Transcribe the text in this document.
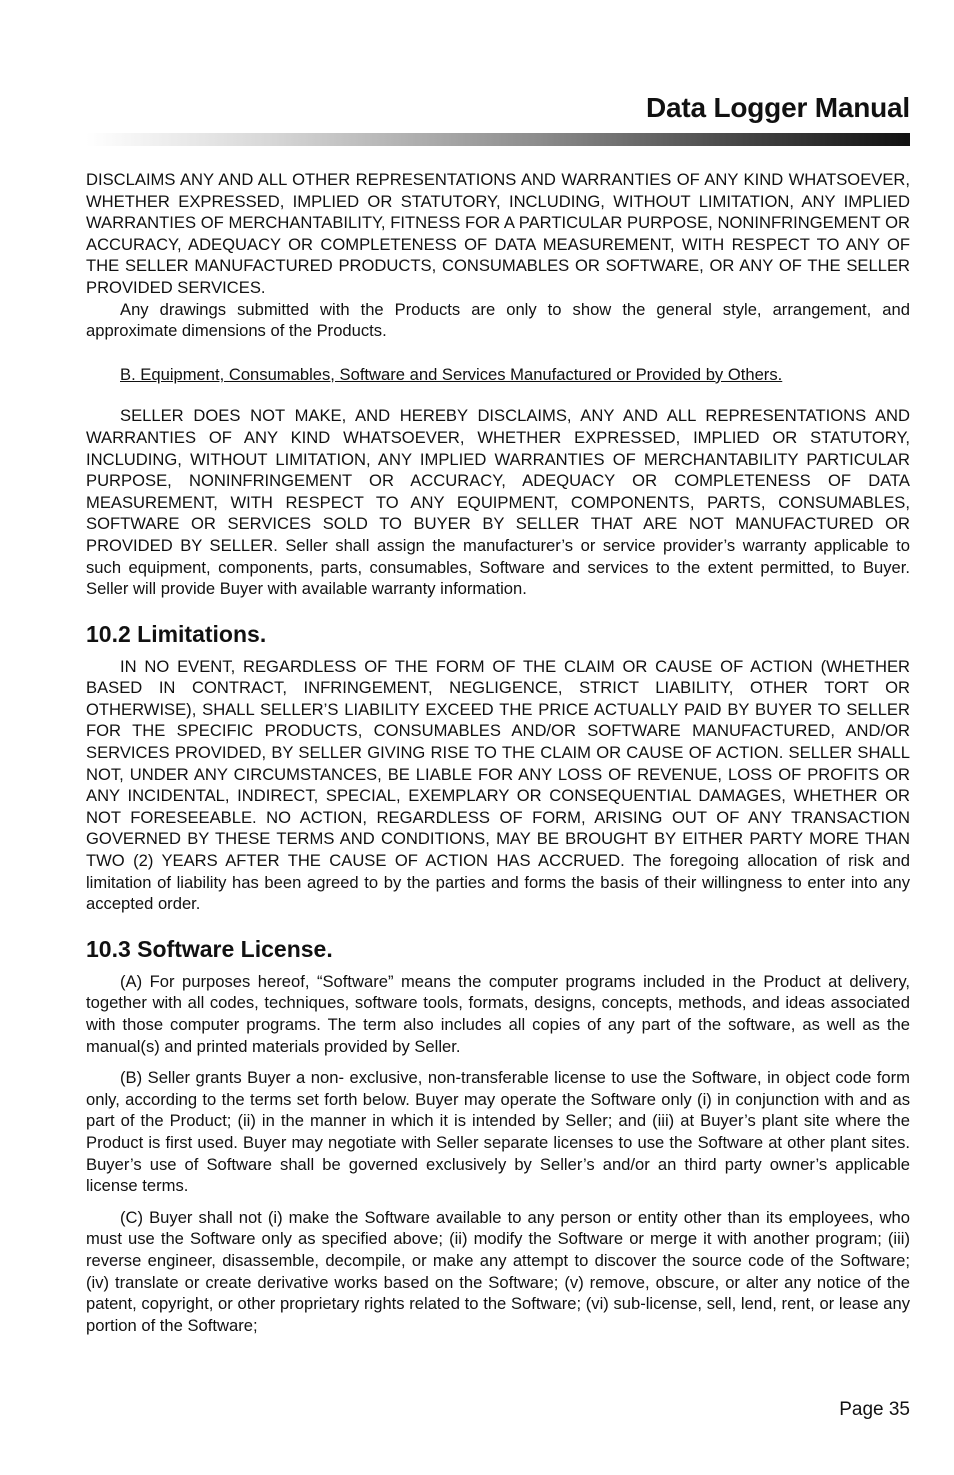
Data Logger Manual

DISCLAIMS ANY AND ALL OTHER REPRESENTATIONS AND WARRANTIES OF ANY KIND WHATSOEVER, WHETHER EXPRESSED, IMPLIED OR STATUTORY, INCLUDING, WITHOUT LIMITATION, ANY IMPLIED WARRANTIES OF MERCHANTABILITY, FITNESS FOR A PARTICULAR PURPOSE, NONINFRINGEMENT OR ACCURACY, ADEQUACY OR COMPLETENESS OF DATA MEASUREMENT, WITH RESPECT TO ANY OF THE SELLER MANUFACTURED PRODUCTS, CONSUMABLES OR SOFTWARE, OR ANY OF THE SELLER PROVIDED SERVICES.

Any drawings submitted with the Products are only to show the general style, arrangement, and approximate dimensions of the Products.

B. Equipment, Consumables, Software and Services Manufactured or Provided by Others.

SELLER DOES NOT MAKE, AND HEREBY DISCLAIMS, ANY AND ALL REPRESENTATIONS AND WARRANTIES OF ANY KIND WHATSOEVER, WHETHER EXPRESSED, IMPLIED OR STATUTORY, INCLUDING, WITHOUT LIMITATION, ANY IMPLIED WARRANTIES OF MERCHANTABILITY PARTICULAR PURPOSE, NONINFRINGEMENT OR ACCURACY, ADEQUACY OR COMPLETENESS OF DATA MEASUREMENT, WITH RESPECT TO ANY EQUIPMENT, COMPONENTS, PARTS, CONSUMABLES, SOFTWARE OR SERVICES SOLD TO BUYER BY SELLER THAT ARE NOT MANUFACTURED OR PROVIDED BY SELLER. Seller shall assign the manufacturer’s or service provider’s warranty applicable to such equipment, components, parts, consumables, Software and services to the extent permitted, to Buyer. Seller will provide Buyer with available warranty information.

10.2 Limitations.

IN NO EVENT, REGARDLESS OF THE FORM OF THE CLAIM OR CAUSE OF ACTION (WHETHER BASED IN CONTRACT, INFRINGEMENT, NEGLIGENCE, STRICT LIABILITY, OTHER TORT OR OTHERWISE), SHALL SELLER’S LIABILITY EXCEED THE PRICE ACTUALLY PAID BY BUYER TO SELLER FOR THE SPECIFIC PRODUCTS, CONSUMABLES AND/OR SOFTWARE MANUFACTURED, AND/OR SERVICES PROVIDED, BY SELLER GIVING RISE TO THE CLAIM OR CAUSE OF ACTION. SELLER SHALL NOT, UNDER ANY CIRCUMSTANCES, BE LIABLE FOR ANY LOSS OF REVENUE, LOSS OF PROFITS OR ANY INCIDENTAL, INDIRECT, SPECIAL, EXEMPLARY OR CONSEQUENTIAL DAMAGES, WHETHER OR NOT FORESEEABLE. NO ACTION, REGARDLESS OF FORM, ARISING OUT OF ANY TRANSACTION GOVERNED BY THESE TERMS AND CONDITIONS, MAY BE BROUGHT BY EITHER PARTY MORE THAN TWO (2) YEARS AFTER THE CAUSE OF ACTION HAS ACCRUED. The foregoing allocation of risk and limitation of liability has been agreed to by the parties and forms the basis of their willingness to enter into any accepted order.

10.3 Software License.

(A) For purposes hereof, “Software” means the computer programs included in the Product at delivery, together with all codes, techniques, software tools, formats, designs, concepts, methods, and ideas associated with those computer programs. The term also includes all copies of any part of the software, as well as the manual(s) and printed materials provided by Seller.

(B) Seller grants Buyer a non- exclusive, non-transferable license to use the Software, in object code form only, according to the terms set forth below. Buyer may operate the Software only (i) in conjunction with and as part of the Product; (ii) in the manner in which it is intended by Seller; and (iii) at Buyer’s plant site where the Product is first used. Buyer may negotiate with Seller separate licenses to use the Software at other plant sites. Buyer’s use of Software shall be governed exclusively by Seller’s and/or an third party owner’s applicable license terms.

(C) Buyer shall not (i) make the Software available to any person or entity other than its employees, who must use the Software only as specified above; (ii) modify the Software or merge it with another program; (iii) reverse engineer, disassemble, decompile, or make any attempt to discover the source code of the Software; (iv) translate or create derivative works based on the Software; (v) remove, obscure, or alter any notice of the patent, copyright, or other proprietary rights related to the Software; (vi) sub-license, sell, lend, rent, or lease any portion of the Software;

Page 35
